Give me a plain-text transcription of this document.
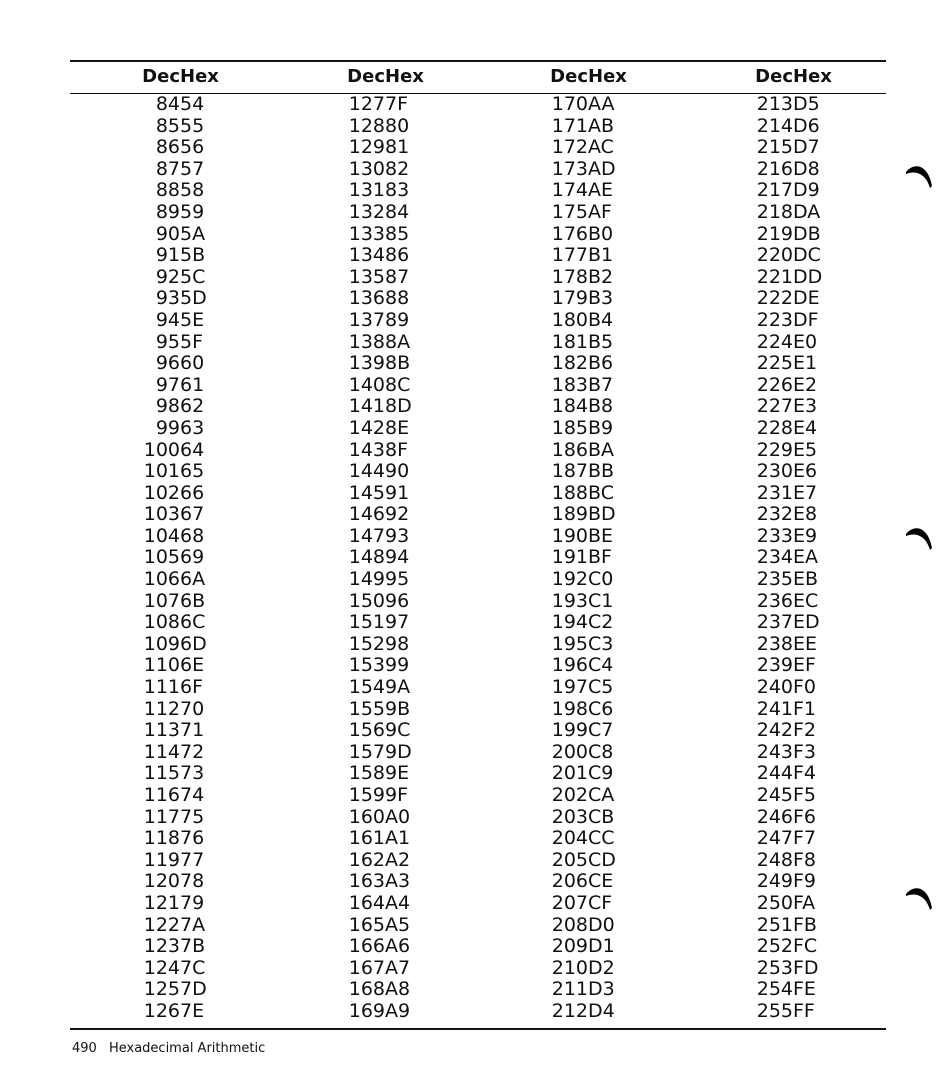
Dec Hex
84 54
85 55
86 56
87 57
88 58
89 59
90 5A
91 5B
92 5C
93 5D
94 5E
95 5F
96 60
97 61
98 62
99 63
100 64
101 65
102 66
103 67
104 68
105 69
106 6A
107 6B
108 6C
109 6D
110 6E
111 6F
112 70
113 71
114 72
115 73
116 74
117 75
118 76
119 77
120 78
121 79
122 7A
123 7B
124 7C
125 7D
126 7E
Dec Hex
127 7F
128 80
129 81
130 82
131 83
132 84
133 85
134 86
135 87
136 88
137 89
138 8A
139 8B
140 8C
141 8D
142 8E
143 8F
144 90
145 91
146 92
147 93
148 94
149 95
150 96
151 97
152 98
153 99
154 9A
155 9B
156 9C
157 9D
158 9E
159 9F
160 A0
161 A1
162 A2
163 A3
164 A4
165 A5
166 A6
167 A7
168 A8
169 A9
Dec Hex
170 AA
171 AB
172 AC
173 AD
174 AE
175 AF
176 B0
177 B1
178 B2
179 B3
180 B4
181 B5
182 B6
183 B7
184 B8
185 B9
186 BA
187 BB
188 BC
189 BD
190 BE
191 BF
192 C0
193 C1
194 C2
195 C3
196 C4
197 C5
198 C6
199 C7
200 C8
201 C9
202 CA
203 CB
204 CC
205 CD
206 CE
207 CF
208 D0
209 D1
210 D2
211 D3
212 D4
Dec Hex
213 D5
214 D6
215 D7
216 D8
217 D9
218 DA
219 DB
220 DC
221 DD
222 DE
223 DF
224 E0
225 E1
226 E2
227 E3
228 E4
229 E5
230 E6
231 E7
232 E8
233 E9
234 EA
235 EB
236 EC
237 ED
238 EE
239 EF
240 F0
241 F1
242 F2
243 F3
244 F4
245 F5
246 F6
247 F7
248 F8
249 F9
250 FA
251 FB
252 FC
253 FD
254 FE
255 FF
490 Hexadecimal Arithmetic
